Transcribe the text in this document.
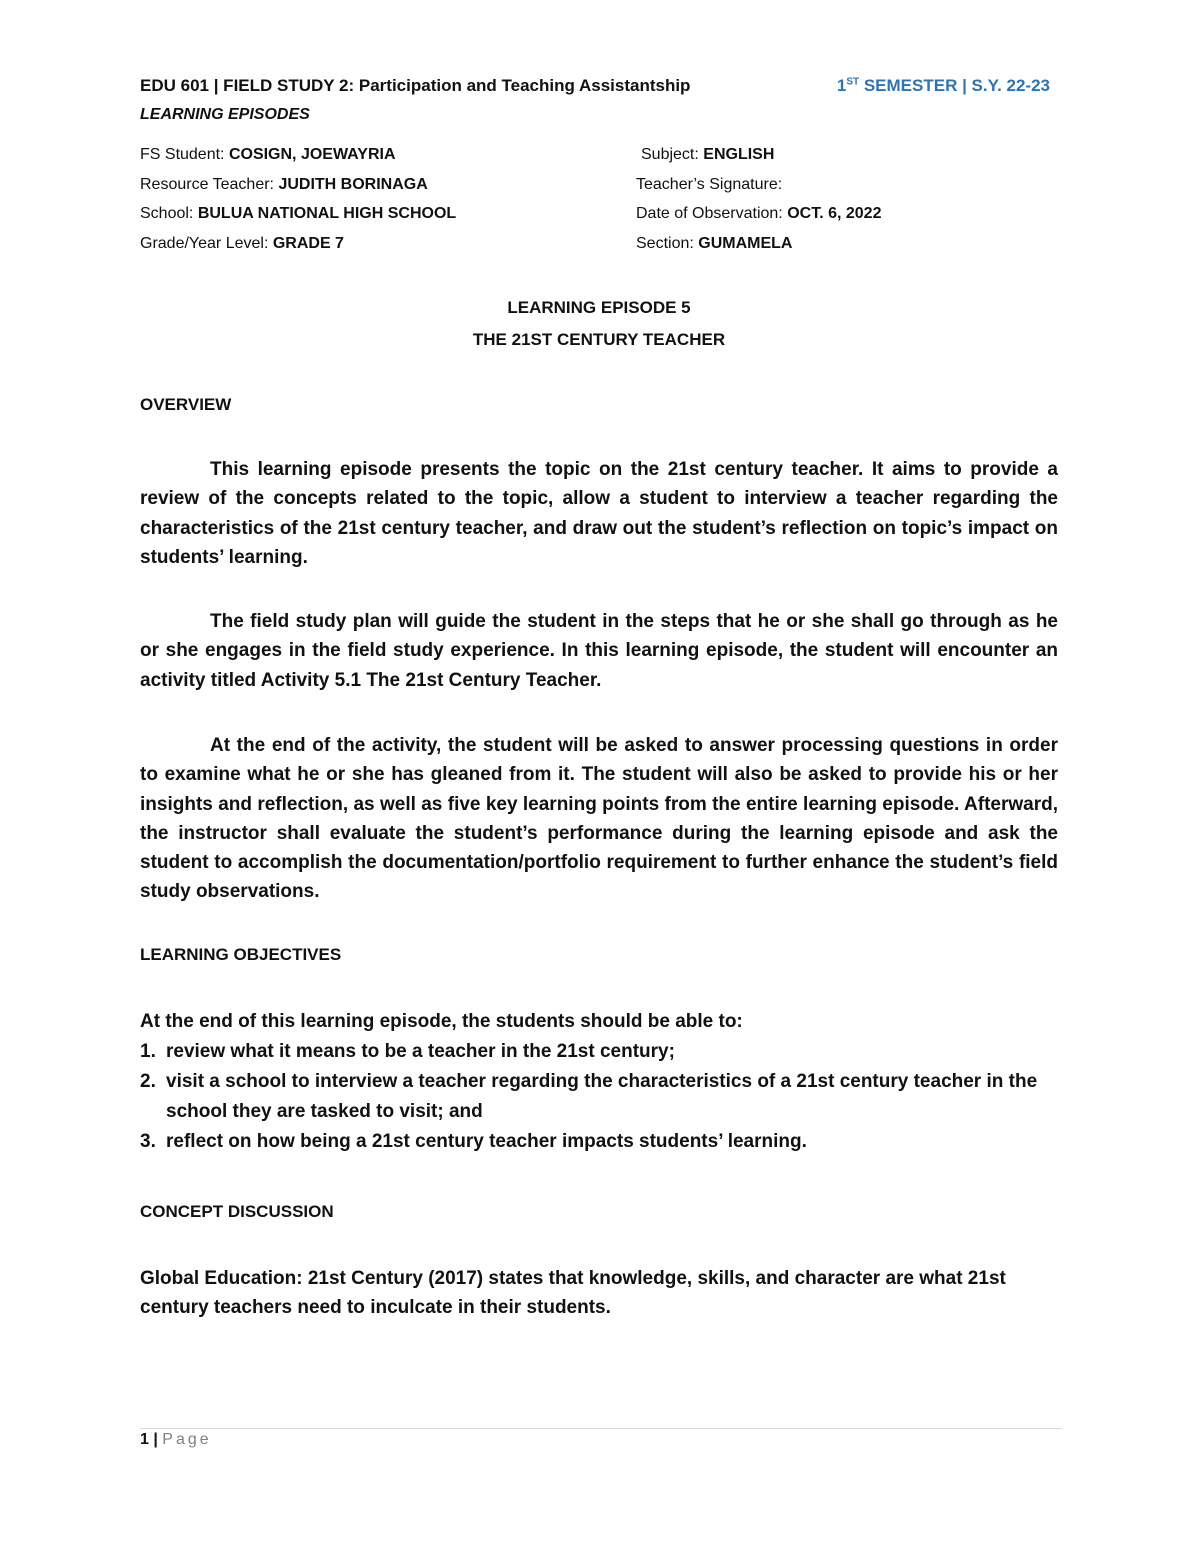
EDU 601 | FIELD STUDY 2: Participation and Teaching Assistantship	1ST SEMESTER | S.Y. 22-23
LEARNING EPISODES
FS Student: COSIGN, JOEWAYRIA	Subject: ENGLISH
Resource Teacher: JUDITH BORINAGA	Teacher’s Signature:
School: BULUA NATIONAL HIGH SCHOOL	Date of Observation: OCT. 6, 2022
Grade/Year Level: GRADE 7	Section: GUMAMELA
LEARNING EPISODE 5
THE 21ST CENTURY TEACHER
OVERVIEW
This learning episode presents the topic on the 21st century teacher. It aims to provide a review of the concepts related to the topic, allow a student to interview a teacher regarding the characteristics of the 21st century teacher, and draw out the student’s reflection on topic’s impact on students’ learning.
The field study plan will guide the student in the steps that he or she shall go through as he or she engages in the field study experience. In this learning episode, the student will encounter an activity titled Activity 5.1 The 21st Century Teacher.
At the end of the activity, the student will be asked to answer processing questions in order to examine what he or she has gleaned from it. The student will also be asked to provide his or her insights and reflection, as well as five key learning points from the entire learning episode. Afterward, the instructor shall evaluate the student’s performance during the learning episode and ask the student to accomplish the documentation/portfolio requirement to further enhance the student’s field study observations.
LEARNING OBJECTIVES
At the end of this learning episode, the students should be able to:
1. review what it means to be a teacher in the 21st century;
2. visit a school to interview a teacher regarding the characteristics of a 21st century teacher in the school they are tasked to visit; and
3. reflect on how being a 21st century teacher impacts students’ learning.
CONCEPT DISCUSSION
Global Education: 21st Century (2017) states that knowledge, skills, and character are what 21st century teachers need to inculcate in their students.
1 | Page
